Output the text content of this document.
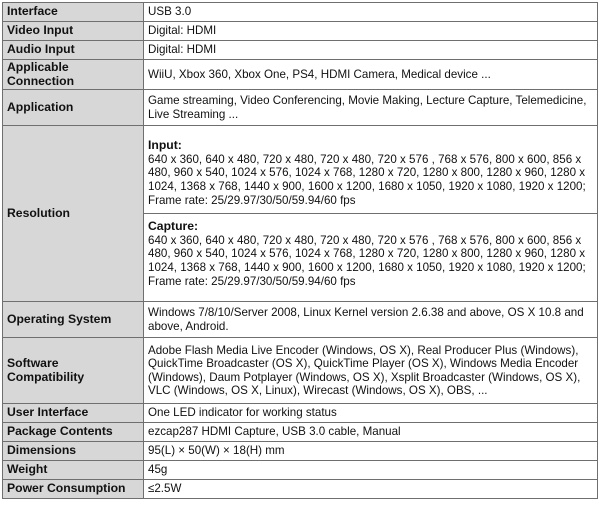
Interface	USB 3.0
Video Input	Digital: HDMI
Audio Input	Digital: HDMI
Applicable Connection	WiiU, Xbox 360, Xbox One, PS4, HDMI Camera, Medical device ...
Application	Game streaming, Video Conferencing, Movie Making, Lecture Capture, Telemedicine, Live Streaming ...
Resolution	Input:
640 x 360, 640 x 480, 720 x 480, 720 x 480, 720 x 576 , 768 x 576, 800 x 600, 856 x 480, 960 x 540, 1024 x 576, 1024 x 768, 1280 x 720, 1280 x 800, 1280 x 960, 1280 x 1024, 1368 x 768, 1440 x 900, 1600 x 1200, 1680 x 1050, 1920 x 1080, 1920 x 1200; Frame rate: 25/29.97/30/50/59.94/60 fps
Capture:
640 x 360, 640 x 480, 720 x 480, 720 x 480, 720 x 576 , 768 x 576, 800 x 600, 856 x 480, 960 x 540, 1024 x 576, 1024 x 768, 1280 x 720, 1280 x 800, 1280 x 960, 1280 x 1024, 1368 x 768, 1440 x 900, 1600 x 1200, 1680 x 1050, 1920 x 1080, 1920 x 1200; Frame rate: 25/29.97/30/50/59.94/60 fps

Operating System	Windows 7/8/10/Server 2008, Linux Kernel version 2.6.38 and above, OS X 10.8 and above, Android.
Software Compatibility	Adobe Flash Media Live Encoder (Windows, OS X), Real Producer Plus (Windows), QuickTime Broadcaster (OS X), QuickTime Player (OS X), Windows Media Encoder (Windows), Daum Potplayer (Windows, OS X), Xsplit Broadcaster (Windows, OS X), VLC (Windows, OS X, Linux), Wirecast (Windows, OS X), OBS, ...
User Interface	One LED indicator for working status
Package Contents	ezcap287 HDMI Capture, USB 3.0 cable, Manual
Dimensions	95(L) × 50(W) × 18(H) mm
Weight	45g
Power Consumption	≤2.5W
